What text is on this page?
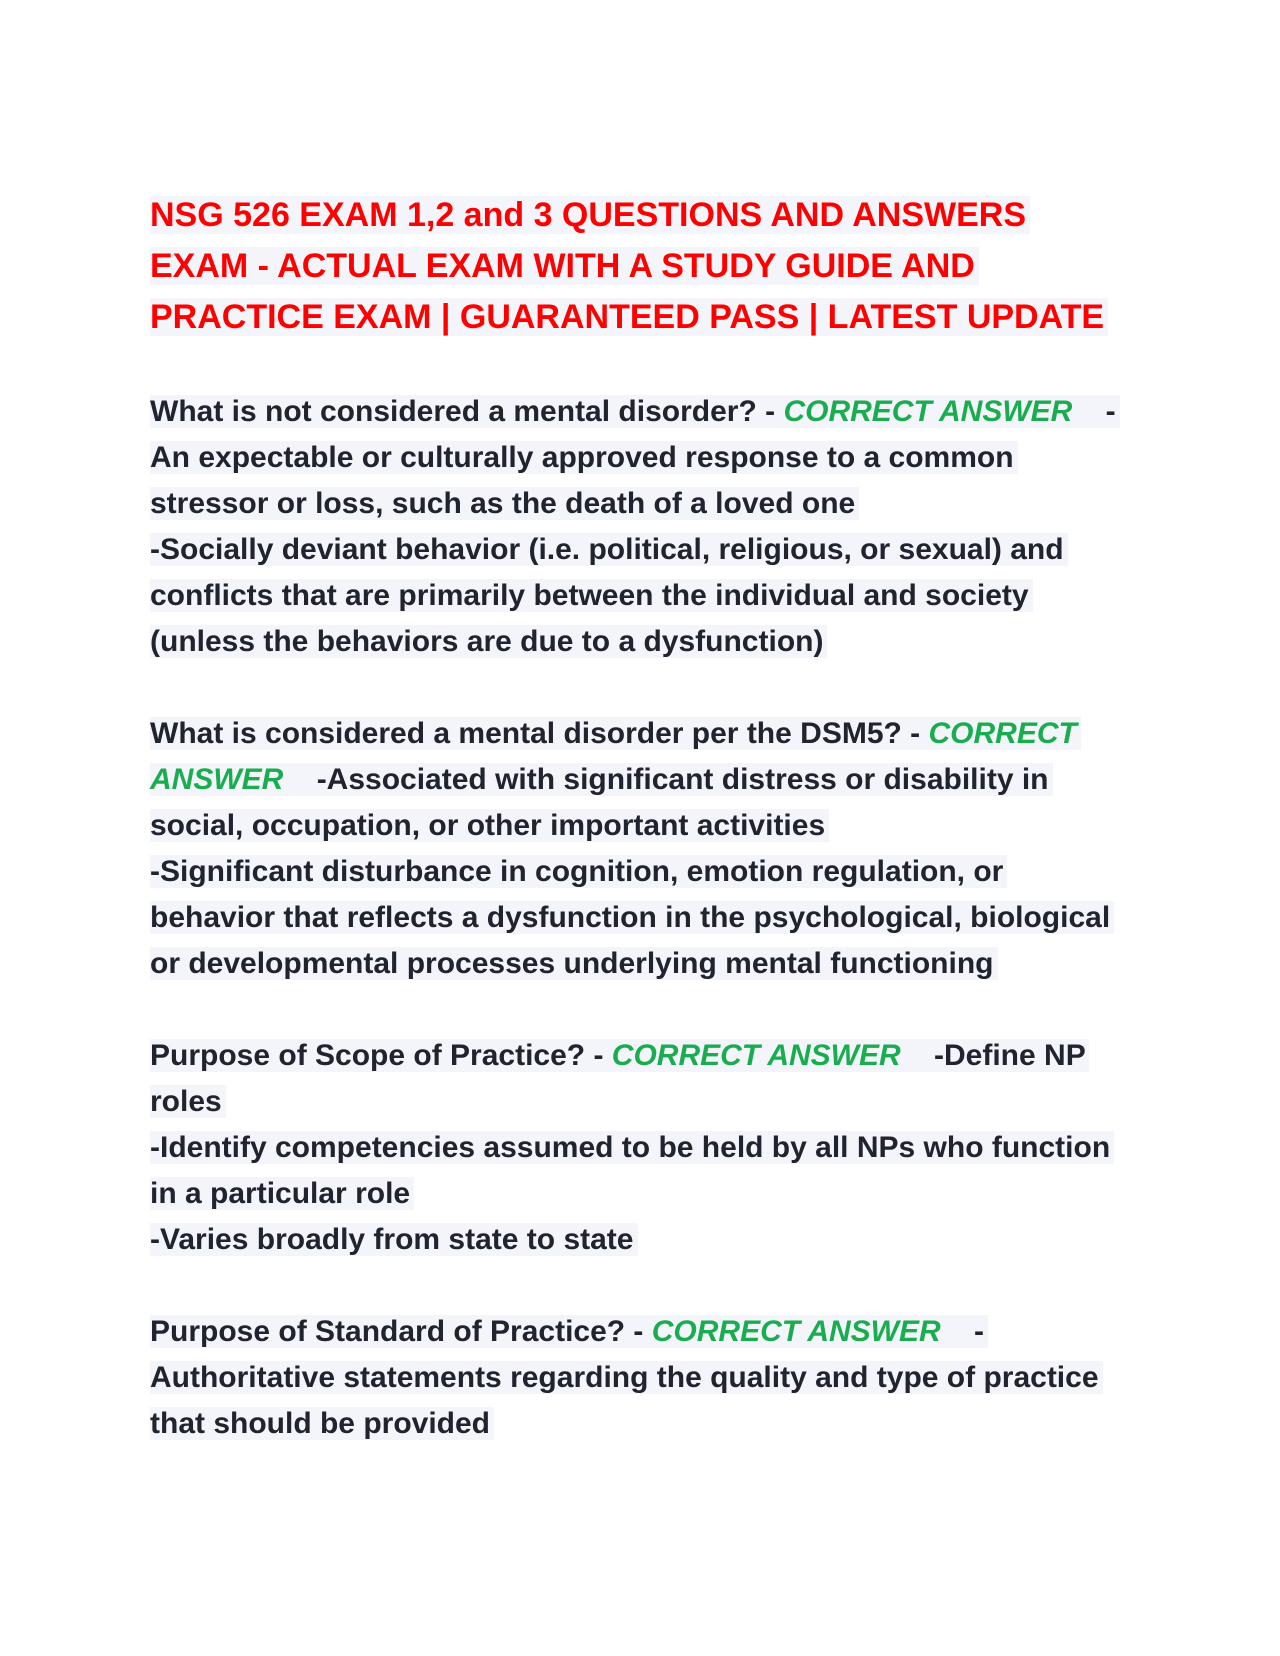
NSG 526 EXAM 1,2 and 3 QUESTIONS AND ANSWERS EXAM - ACTUAL EXAM WITH A STUDY GUIDE AND PRACTICE EXAM | GUARANTEED PASS | LATEST UPDATE
What is not considered a mental disorder? - CORRECT ANSWER -An expectable or culturally approved response to a common stressor or loss, such as the death of a loved one
-Socially deviant behavior (i.e. political, religious, or sexual) and conflicts that are primarily between the individual and society (unless the behaviors are due to a dysfunction)
What is considered a mental disorder per the DSM5? - CORRECT ANSWER -Associated with significant distress or disability in social, occupation, or other important activities
-Significant disturbance in cognition, emotion regulation, or behavior that reflects a dysfunction in the psychological, biological or developmental processes underlying mental functioning
Purpose of Scope of Practice? - CORRECT ANSWER -Define NP roles
-Identify competencies assumed to be held by all NPs who function in a particular role
-Varies broadly from state to state
Purpose of Standard of Practice? - CORRECT ANSWER -Authoritative statements regarding the quality and type of practice that should be provided
